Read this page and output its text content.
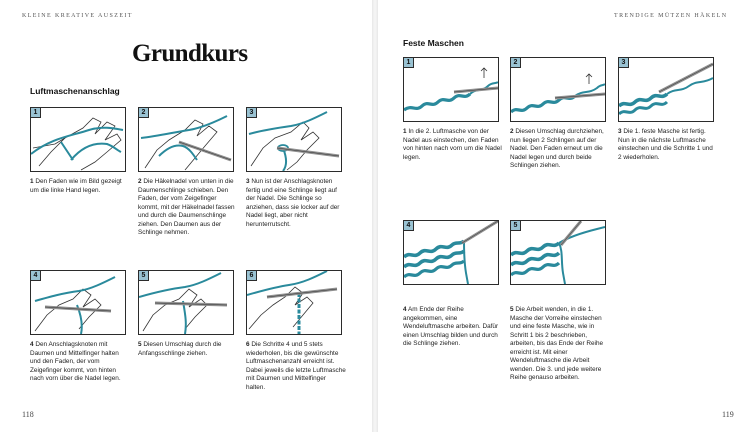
KLEINE KREATIVE AUSZEIT
Grundkurs
Luftmaschenanschlag
1	2	3
1 Den Faden wie im Bild gezeigt um die linke Hand legen.
2 Die Häkelnadel von unten in die Daumenschlinge schieben. Den Faden, der vom Zeigefinger kommt, mit der Häkelnadel fassen und durch die Daumenschlinge ziehen. Den Daumen aus der Schlinge nehmen.
3 Nun ist der Anschlagsknoten fertig und eine Schlinge liegt auf der Nadel. Die Schlinge so anziehen, dass sie locker auf der Nadel liegt, aber nicht herunterrutscht.
4	5	6
4 Den Anschlagsknoten mit Daumen und Mittelfinger halten und den Faden, der vom Zeigefinger kommt, von hinten nach vorn über die Nadel legen.
5 Diesen Umschlag durch die Anfangsschlinge ziehen.
6 Die Schritte 4 und 5 stets wiederholen, bis die gewünschte Luftmaschenanzahl erreicht ist. Dabei jeweils die letzte Luftmasche mit Daumen und Mittelfinger halten.
118
TRENDIGE MÜTZEN HÄKELN
Feste Maschen
1	2	3
1 In die 2. Luftmasche von der Nadel aus einstechen, den Faden von hinten nach vorn um die Nadel legen.
2 Diesen Umschlag durchziehen, nun liegen 2 Schlingen auf der Nadel. Den Faden erneut um die Nadel legen und durch beide Schlingen ziehen.
3 Die 1. feste Masche ist fertig. Nun in die nächste Luftmasche einstechen und die Schritte 1 und 2 wiederholen.
4	5
4 Am Ende der Reihe angekommen, eine Wendeluftmasche arbeiten. Dafür einen Umschlag bilden und durch die Schlinge ziehen.
5 Die Arbeit wenden, in die 1. Masche der Vorreihe einstechen und eine feste Masche, wie in Schritt 1 bis 2 beschrieben, arbeiten, bis das Ende der Reihe erreicht ist. Mit einer Wendeluftmasche die Arbeit wenden. Die 3. und jede weitere Reihe genauso arbeiten.
119
